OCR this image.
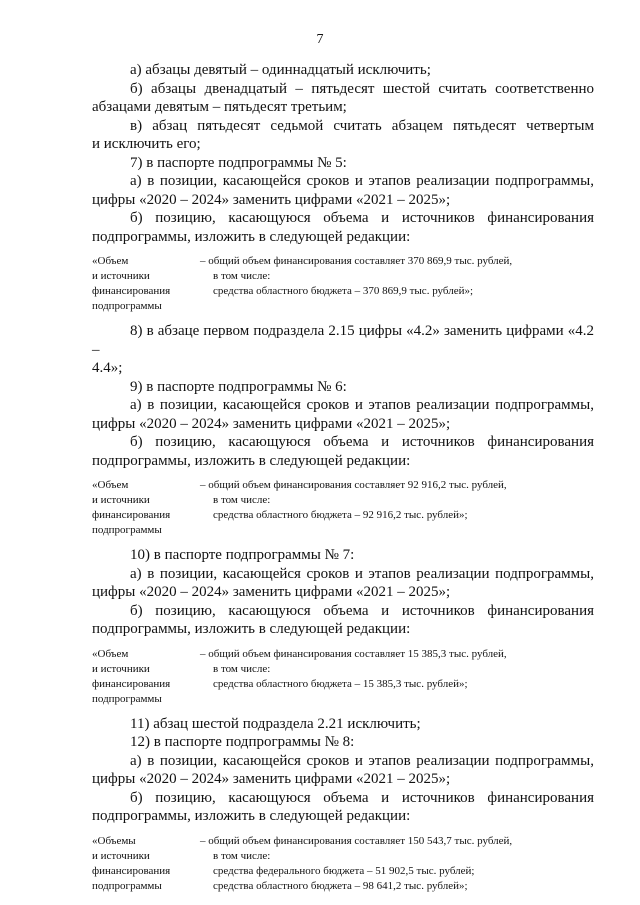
7

а) абзацы девятый – одиннадцатый исключить;

б) абзацы двенадцатый – пятьдесят шестой считать соответственно

абзацами девятым – пятьдесят третьим;

в) абзац пятьдесят седьмой считать абзацем пятьдесят четвертым

и исключить его;

7) в паспорте подпрограммы № 5:

а) в позиции, касающейся сроков и этапов реализации подпрограммы,

цифры «2020 – 2024» заменить цифрами «2021 – 2025»;

б) позицию, касающуюся объема и источников финансирования

подпрограммы, изложить в следующей редакции:

«Объем
и источники
финансирования
подпрограммы
– общий объем финансирования составляет 370 869,9 тыс. рублей,
в том числе:
средства областного бюджета – 370 869,9 тыс. рублей»;

8) в абзаце первом подраздела 2.15 цифры «4.2» заменить цифрами «4.2 –

4.4»;

9) в паспорте подпрограммы № 6:

а) в позиции, касающейся сроков и этапов реализации подпрограммы,

цифры «2020 – 2024» заменить цифрами «2021 – 2025»;

б) позицию, касающуюся объема и источников финансирования

подпрограммы, изложить в следующей редакции:

«Объем
и источники
финансирования
подпрограммы
– общий объем финансирования составляет 92 916,2 тыс. рублей,
в том числе:
средства областного бюджета – 92 916,2 тыс. рублей»;

10) в паспорте подпрограммы № 7:

а) в позиции, касающейся сроков и этапов реализации подпрограммы,

цифры «2020 – 2024» заменить цифрами «2021 – 2025»;

б) позицию, касающуюся объема и источников финансирования

подпрограммы, изложить в следующей редакции:

«Объем
и источники
финансирования
подпрограммы
– общий объем финансирования составляет 15 385,3 тыс. рублей,
в том числе:
средства областного бюджета – 15 385,3 тыс. рублей»;

11) абзац шестой подраздела 2.21 исключить;

12) в паспорте подпрограммы № 8:

а) в позиции, касающейся сроков и этапов реализации подпрограммы,

цифры «2020 – 2024» заменить цифрами «2021 – 2025»;

б) позицию, касающуюся объема и источников финансирования

подпрограммы, изложить в следующей редакции:

«Объемы
и источники
финансирования
подпрограммы
– общий объем финансирования составляет 150 543,7 тыс. рублей,
в том числе:
средства федерального бюджета – 51 902,5 тыс. рублей;
средства областного бюджета – 98 641,2 тыс. рублей»;
